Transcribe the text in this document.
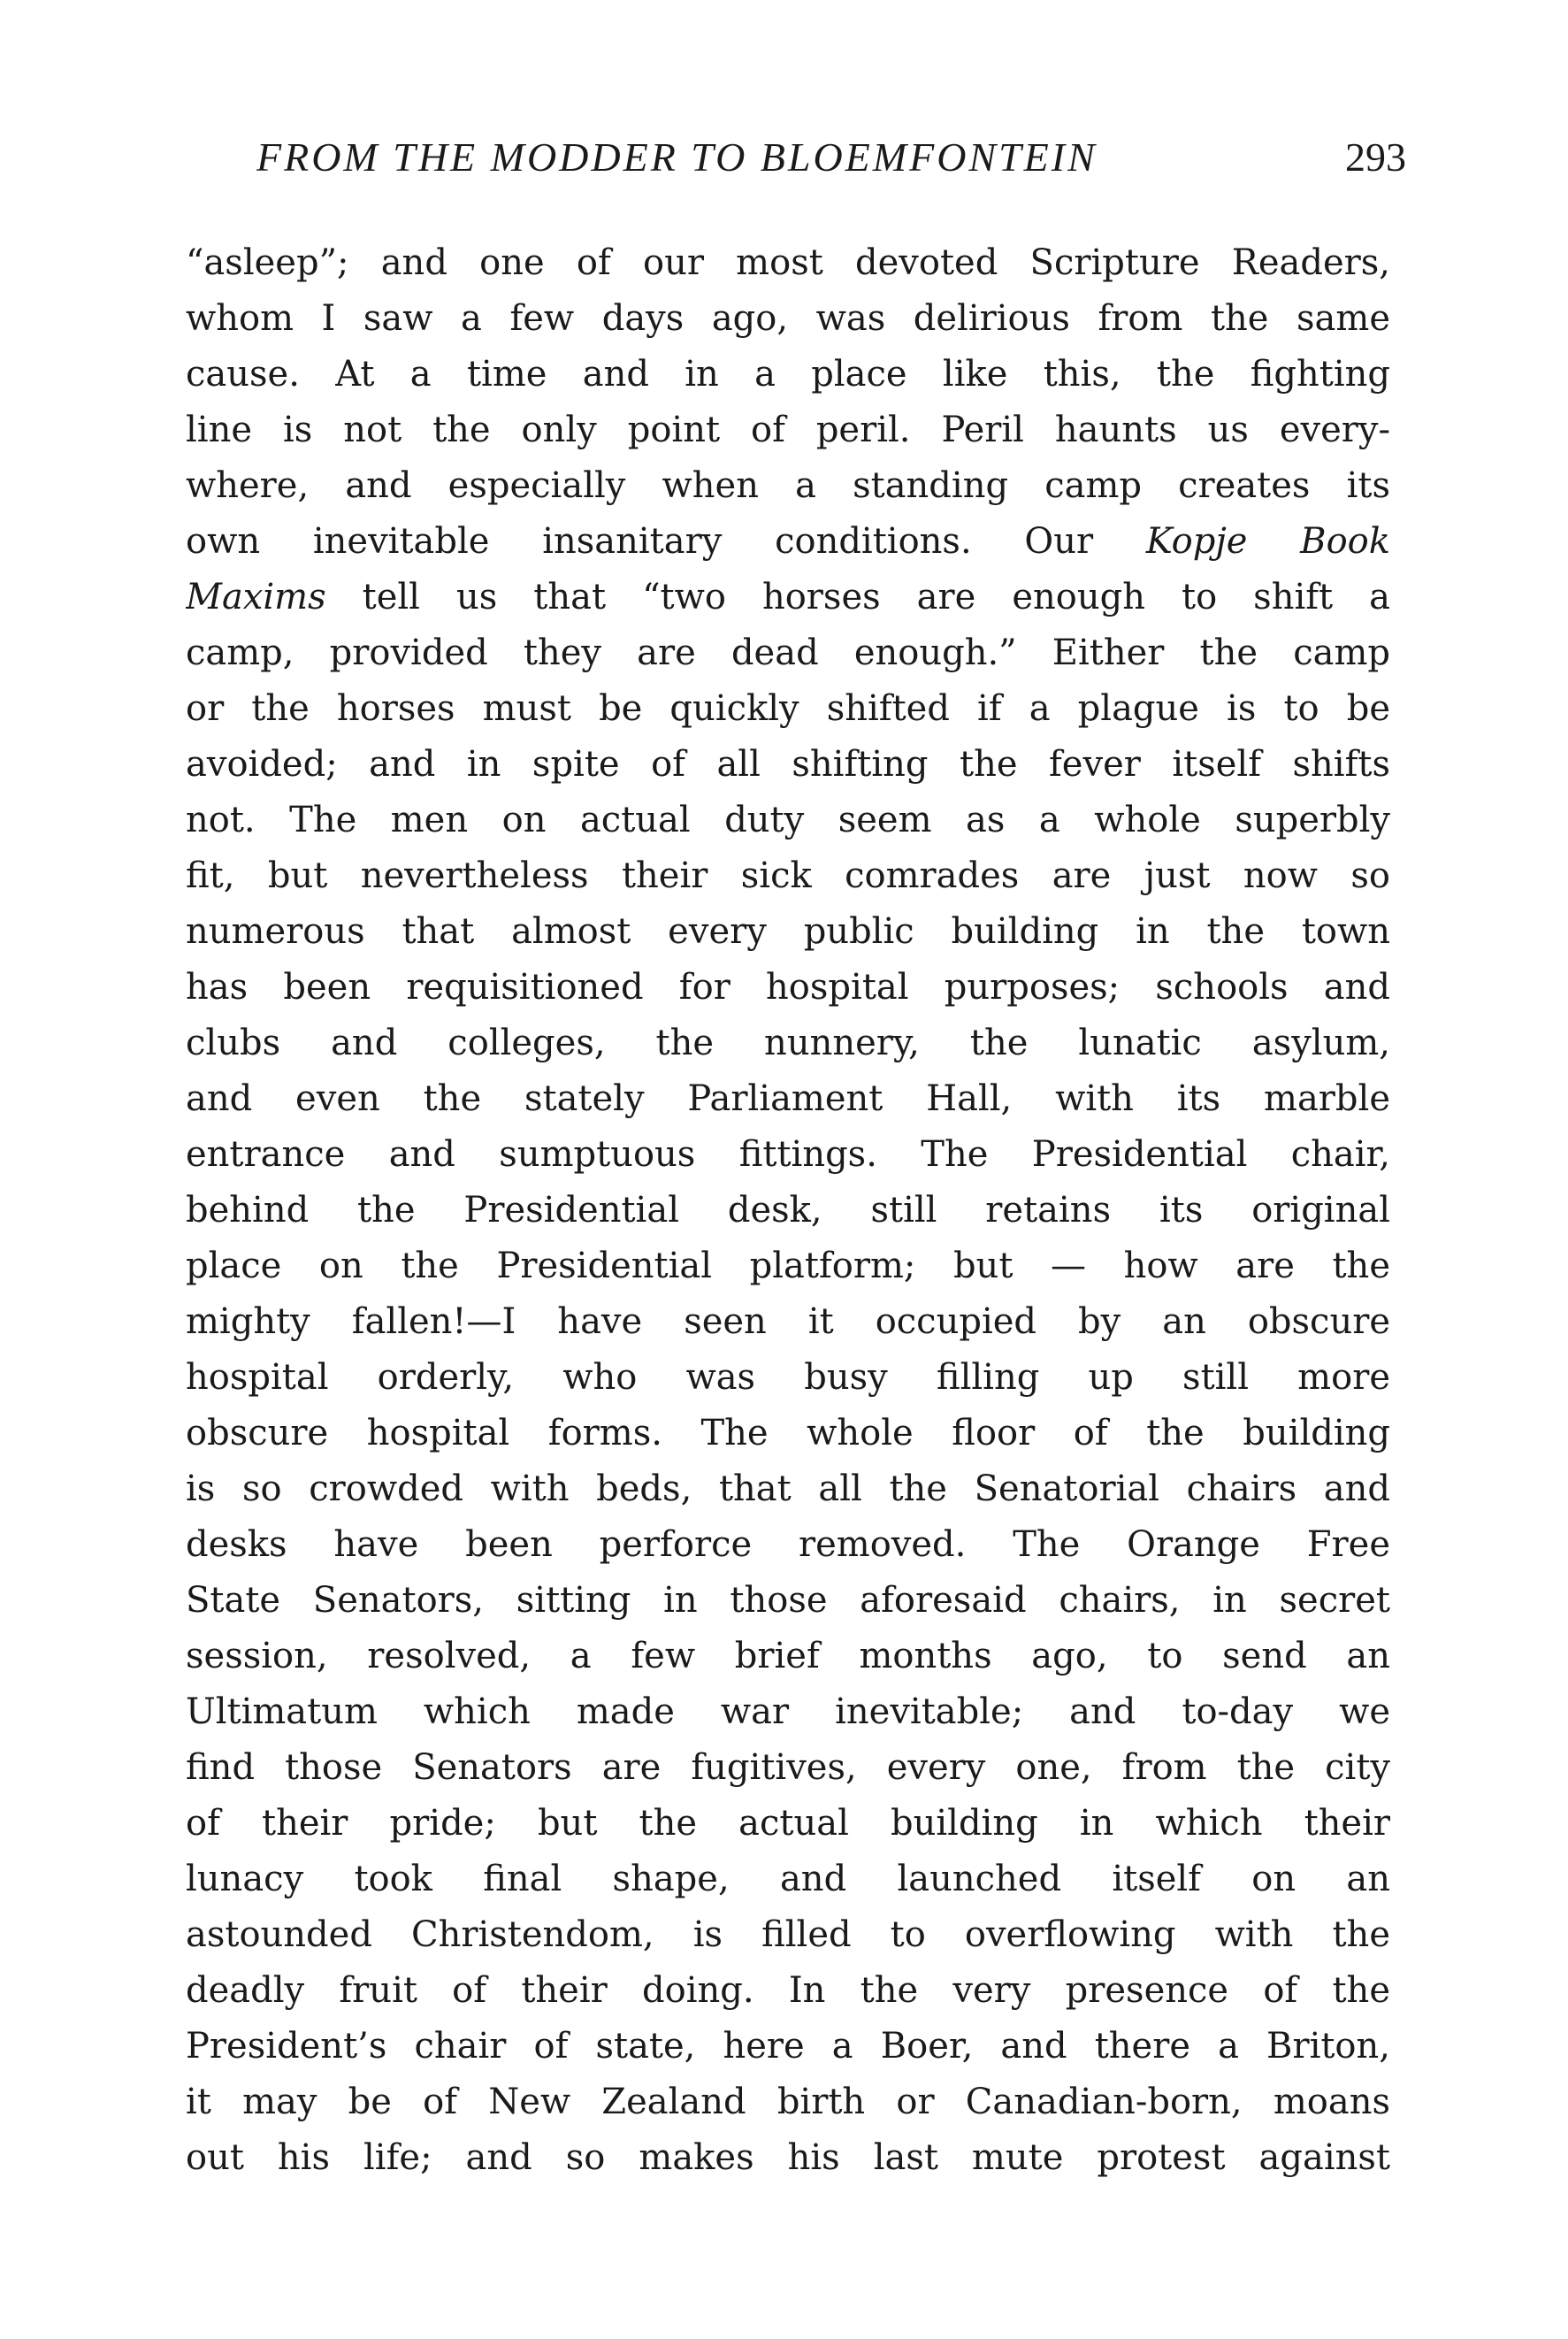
FROM THE MODDER TO BLOEMFONTEIN	293
“asleep”; and one of our most devoted Scripture Readers,
whom I saw a few days ago, was delirious from the same
cause. At a time and in a place like this, the fighting
line is not the only point of peril. Peril haunts us every-
where, and especially when a standing camp creates its
own inevitable insanitary conditions. Our Kopje Book
Maxims tell us that “two horses are enough to shift a
camp, provided they are dead enough.” Either the camp
or the horses must be quickly shifted if a plague is to be
avoided; and in spite of all shifting the fever itself shifts
not. The men on actual duty seem as a whole superbly
fit, but nevertheless their sick comrades are just now so
numerous that almost every public building in the town
has been requisitioned for hospital purposes; schools and
clubs and colleges, the nunnery, the lunatic asylum,
and even the stately Parliament Hall, with its marble
entrance and sumptuous fittings. The Presidential chair,
behind the Presidential desk, still retains its original
place on the Presidential platform; but — how are the
mighty fallen!—I have seen it occupied by an obscure
hospital orderly, who was busy filling up still more
obscure hospital forms. The whole floor of the building
is so crowded with beds, that all the Senatorial chairs and
desks have been perforce removed. The Orange Free
State Senators, sitting in those aforesaid chairs, in secret
session, resolved, a few brief months ago, to send an
Ultimatum which made war inevitable; and to-day we
find those Senators are fugitives, every one, from the city
of their pride; but the actual building in which their
lunacy took final shape, and launched itself on an
astounded Christendom, is filled to overflowing with the
deadly fruit of their doing. In the very presence of the
President’s chair of state, here a Boer, and there a Briton,
it may be of New Zealand birth or Canadian-born, moans
out his life; and so makes his last mute protest against
